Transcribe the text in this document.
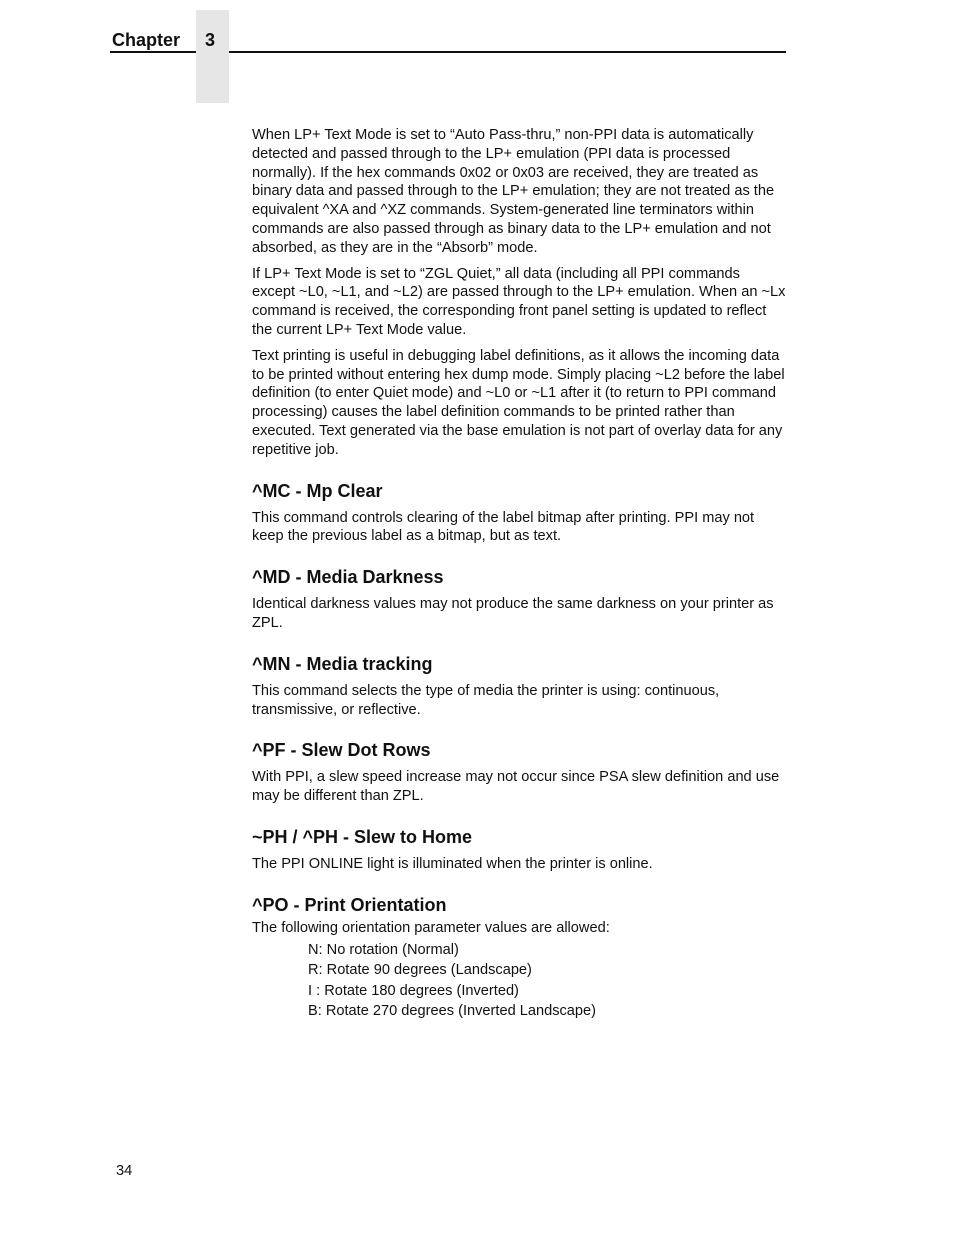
Chapter 3

When LP+ Text Mode is set to “Auto Pass-thru,” non-PPI data is automatically detected and passed through to the LP+ emulation (PPI data is processed normally). If the hex commands 0x02 or 0x03 are received, they are treated as binary data and passed through to the LP+ emulation; they are not treated as the equivalent ^XA and ^XZ commands. System-generated line terminators within commands are also passed through as binary data to the LP+ emulation and not absorbed, as they are in the “Absorb” mode.

If LP+ Text Mode is set to “ZGL Quiet,” all data (including all PPI commands except ~L0, ~L1, and ~L2) are passed through to the LP+ emulation. When an ~Lx command is received, the corresponding front panel setting is updated to reflect the current LP+ Text Mode value.

Text printing is useful in debugging label definitions, as it allows the incoming data to be printed without entering hex dump mode. Simply placing ~L2 before the label definition (to enter Quiet mode) and ~L0 or ~L1 after it (to return to PPI command processing) causes the label definition commands to be printed rather than executed. Text generated via the base emulation is not part of overlay data for any repetitive job.

^MC - Mp Clear

This command controls clearing of the label bitmap after printing. PPI may not keep the previous label as a bitmap, but as text.

^MD - Media Darkness

Identical darkness values may not produce the same darkness on your printer as ZPL.

^MN - Media tracking

This command selects the type of media the printer is using: continuous, transmissive, or reflective.

^PF - Slew Dot Rows

With PPI, a slew speed increase may not occur since PSA slew definition and use may be different than ZPL.

~PH / ^PH - Slew to Home

The PPI ONLINE light is illuminated when the printer is online.

^PO - Print Orientation

The following orientation parameter values are allowed:

N: No rotation (Normal)
R: Rotate 90 degrees (Landscape)
I : Rotate 180 degrees (Inverted)
B: Rotate 270 degrees (Inverted Landscape)
34
